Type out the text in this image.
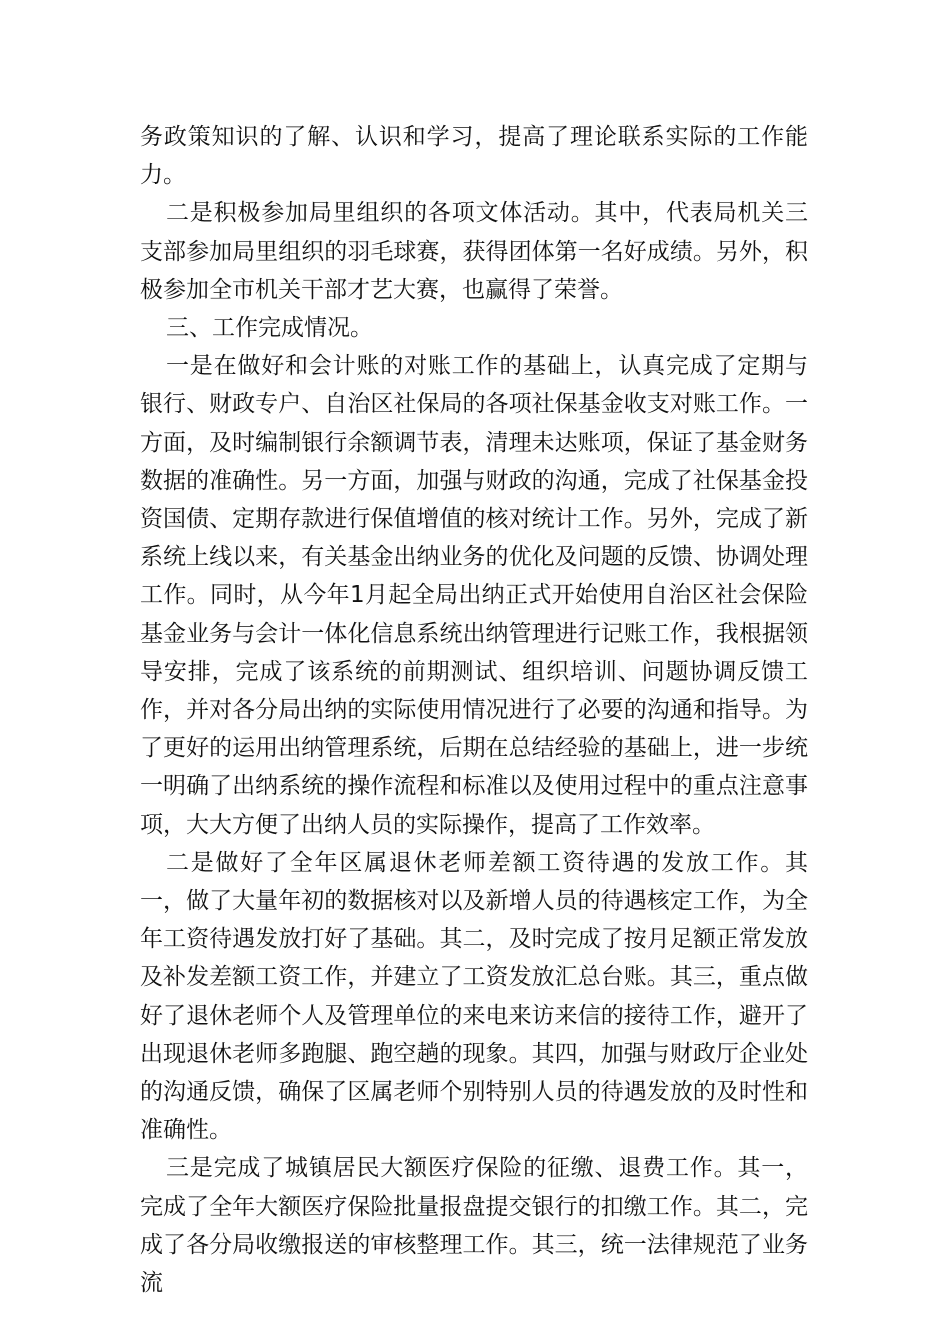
务政策知识的了解、认识和学习，提高了理论联系实际的工作能力。

二是积极参加局里组织的各项文体活动。其中，代表局机关三支部参加局里组织的羽毛球赛，获得团体第一名好成绩。另外，积极参加全市机关干部才艺大赛，也赢得了荣誉。

三、工作完成情况。

一是在做好和会计账的对账工作的基础上，认真完成了定期与银行、财政专户、自治区社保局的各项社保基金收支对账工作。一方面，及时编制银行余额调节表，清理未达账项，保证了基金财务数据的准确性。另一方面，加强与财政的沟通，完成了社保基金投资国债、定期存款进行保值增值的核对统计工作。另外，完成了新系统上线以来，有关基金出纳业务的优化及问题的反馈、协调处理工作。同时，从今年1月起全局出纳正式开始使用自治区社会保险基金业务与会计一体化信息系统出纳管理进行记账工作，我根据领导安排，完成了该系统的前期测试、组织培训、问题协调反馈工作，并对各分局出纳的实际使用情况进行了必要的沟通和指导。为了更好的运用出纳管理系统，后期在总结经验的基础上，进一步统一明确了出纳系统的操作流程和标准以及使用过程中的重点注意事项，大大方便了出纳人员的实际操作，提高了工作效率。

二是做好了全年区属退休老师差额工资待遇的发放工作。其一，做了大量年初的数据核对以及新增人员的待遇核定工作，为全年工资待遇发放打好了基础。其二，及时完成了按月足额正常发放及补发差额工资工作，并建立了工资发放汇总台账。其三，重点做好了退休老师个人及管理单位的来电来访来信的接待工作，避开了出现退休老师多跑腿、跑空趟的现象。其四，加强与财政厅企业处的沟通反馈，确保了区属老师个别特别人员的待遇发放的及时性和准确性。

三是完成了城镇居民大额医疗保险的征缴、退费工作。其一，完成了全年大额医疗保险批量报盘提交银行的扣缴工作。其二，完成了各分局收缴报送的审核整理工作。其三，统一法律规范了业务流
